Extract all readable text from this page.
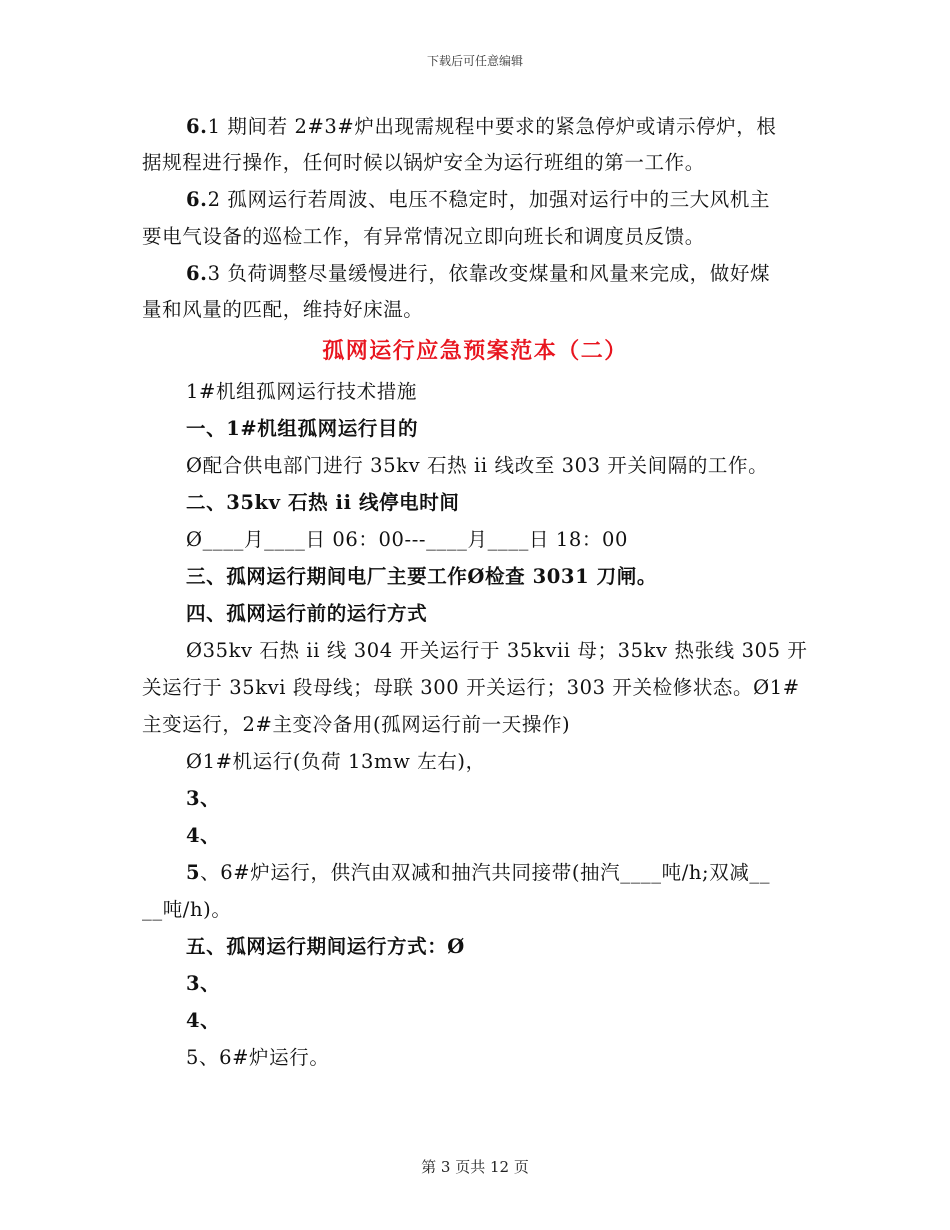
下载后可任意编辑
6.1 期间若 2#3#炉出现需规程中要求的紧急停炉或请示停炉，根
据规程进行操作，任何时候以锅炉安全为运行班组的第一工作。
6.2 孤网运行若周波、电压不稳定时，加强对运行中的三大风机主
要电气设备的巡检工作，有异常情况立即向班长和调度员反馈。
6.3 负荷调整尽量缓慢进行，依靠改变煤量和风量来完成，做好煤
量和风量的匹配，维持好床温。
孤网运行应急预案范本（二）
1#机组孤网运行技术措施
一、1#机组孤网运行目的
Ø配合供电部门进行 35kv 石热 ii 线改至 303 开关间隔的工作。
二、35kv 石热 ii 线停电时间
Ø____月____日 06：00---____月____日 18：00
三、孤网运行期间电厂主要工作Ø检查 3031 刀闸。
四、孤网运行前的运行方式
Ø35kv 石热 ii 线 304 开关运行于 35kvii 母；35kv 热张线 305 开
关运行于 35kvi 段母线；母联 300 开关运行；303 开关检修状态。Ø1#
主变运行，2#主变冷备用(孤网运行前一天操作)
Ø1#机运行(负荷 13mw 左右)，
3、
4、
5、6#炉运行，供汽由双减和抽汽共同接带(抽汽____吨/h;双减__
__吨/h)。
五、孤网运行期间运行方式：Ø
3、
4、
5、6#炉运行。
第 3 页共 12 页
